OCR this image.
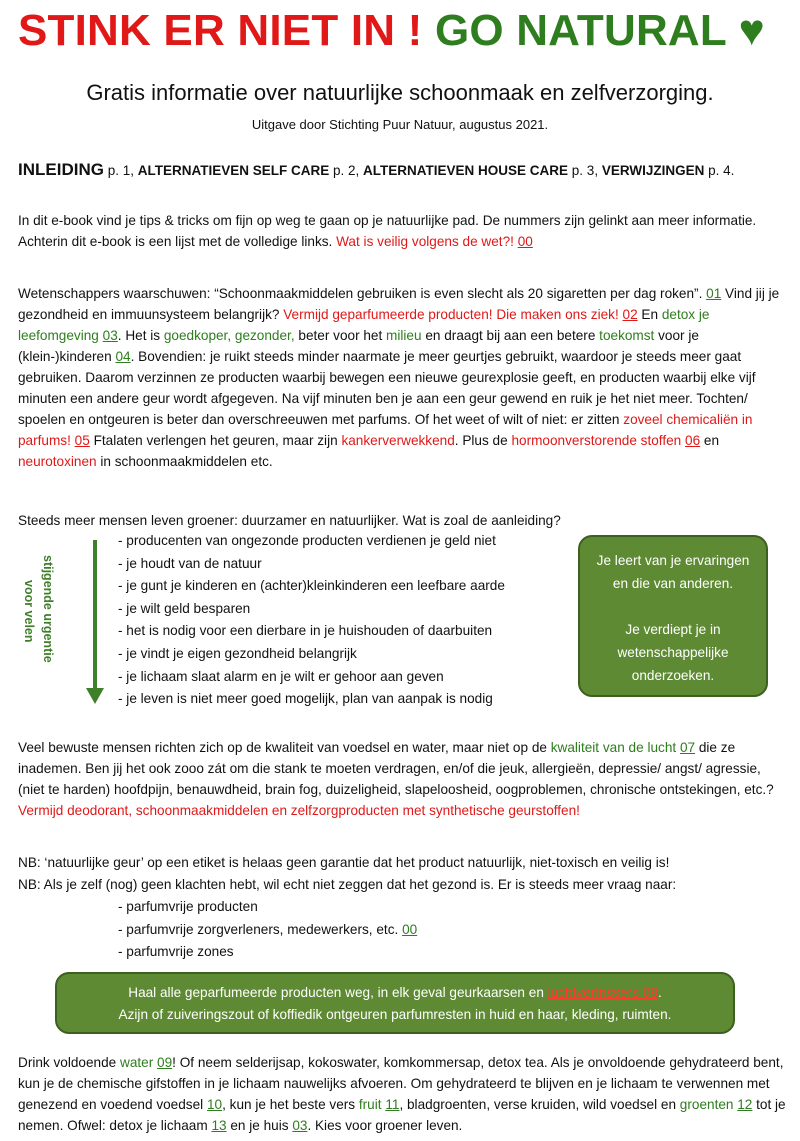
STINK ER NIET IN ! GO NATURAL ♥
Gratis informatie over natuurlijke schoonmaak en zelfverzorging.
Uitgave door Stichting Puur Natuur, augustus 2021.
INLEIDING p. 1, ALTERNATIEVEN SELF CARE p. 2, ALTERNATIEVEN HOUSE CARE p. 3, VERWIJZINGEN p. 4.
In dit e-book vind je tips & tricks om fijn op weg te gaan op je natuurlijke pad. De nummers zijn gelinkt aan meer informatie. Achterin dit e-book is een lijst met de volledige links. Wat is veilig volgens de wet?! 00
Wetenschappers waarschuwen: “Schoonmaakmiddelen gebruiken is even slecht als 20 sigaretten per dag roken”. 01 Vind jij je gezondheid en immuunsysteem belangrijk? Vermijd geparfumeerde producten! Die maken ons ziek! 02 En detox je leefomgeving 03. Het is goedkoper, gezonder, beter voor het milieu en draagt bij aan een betere toekomst voor je (klein-)kinderen 04. Bovendien: je ruikt steeds minder naarmate je meer geurtjes gebruikt, waardoor je steeds meer gaat gebruiken. Daarom verzinnen ze producten waarbij bewegen een nieuwe geurexplosie geeft, en producten waarbij elke vijf minuten een andere geur wordt afgegeven. Na vijf minuten ben je aan een geur gewend en ruik je het niet meer. Tochten/ spoelen en ontgeuren is beter dan overschreeuwen met parfums. Of het weet of wilt of niet: er zitten zoveel chemicaliën in parfums! 05 Ftalaten verlengen het geuren, maar zijn kankerverwekkend. Plus de hormoonverstorende stoffen 06 en neurotoxinen in schoonmaakmiddelen etc.
Steeds meer mensen leven groener: duurzamer en natuurlijker. Wat is zoal de aanleiding?
stijgende urgentie
voor velen
- producenten van ongezonde producten verdienen je geld niet
- je houdt van de natuur
- je gunt je kinderen en (achter)kleinkinderen een leefbare aarde
- je wilt geld besparen
- het is nodig voor een dierbare in je huishouden of daarbuiten
- je vindt je eigen gezondheid belangrijk
- je lichaam slaat alarm en je wilt er gehoor aan geven
- je leven is niet meer goed mogelijk, plan van aanpak is nodig
Je leert van je ervaringen
en die van anderen.
Je verdiept je in
wetenschappelijke
onderzoeken.
Veel bewuste mensen richten zich op de kwaliteit van voedsel en water, maar niet op de kwaliteit van de lucht 07 die ze inademen. Ben jij het ook zooo zát om die stank te moeten verdragen, en/of die jeuk, allergieën, depressie/ angst/ agressie, (niet te harden) hoofdpijn, benauwdheid, brain fog, duizeligheid, slapeloosheid, oogproblemen, chronische ontstekingen, etc.? Vermijd deodorant, schoonmaakmiddelen en zelfzorgproducten met synthetische geurstoffen!
NB: ‘natuurlijke geur’ op een etiket is helaas geen garantie dat het product natuurlijk, niet-toxisch en veilig is!
NB: Als je zelf (nog) geen klachten hebt, wil echt niet zeggen dat het gezond is. Er is steeds meer vraag naar:
- parfumvrije producten
- parfumvrije zorgverleners, medewerkers, etc. 00
- parfumvrije zones
Haal alle geparfumeerde producten weg, in elk geval geurkaarsen en luchtverfrissers 08.
Azijn of zuiveringszout of koffiedik ontgeuren parfumresten in huid en haar, kleding, ruimten.
Drink voldoende water 09! Of neem selderijsap, kokoswater, komkommersap, detox tea. Als je onvoldoende gehydrateerd bent, kun je de chemische gifstoffen in je lichaam nauwelijks afvoeren. Om gehydrateerd te blijven en je lichaam te verwennen met genezend en voedend voedsel 10, kun je het beste vers fruit 11, bladgroenten, verse kruiden, wild voedsel en groenten 12 tot je nemen. Ofwel: detox je lichaam 13 en je huis 03. Kies voor groener leven.
